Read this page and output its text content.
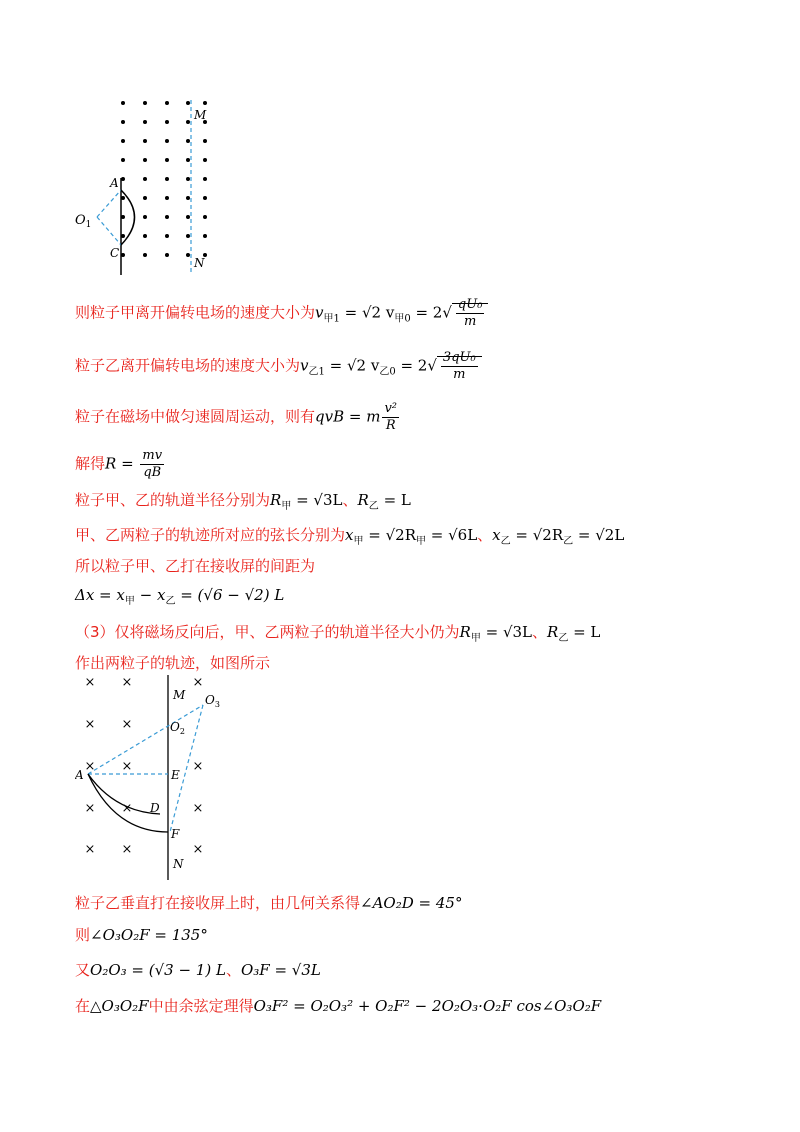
M
N
A
C
$O_1$
则粒子甲离开偏转电场的速度大小为$v_{甲1} = √2$ $v_{甲0} = 2√ \frac{\text{qU₀}}{m}$
粒子乙离开偏转电场的速度大小为$v_{乙1} = √2$ $v_{乙0} = 2√ \frac{\text{3qU₀}}{m}$
粒子在磁场中做匀速圆周运动，则有qvB = m $\frac{\text{v²}}{R}$
解得$R = \frac{mv}{qB}$
粒子甲、乙的轨道半径分别为$R_甲 = √3L$、$R_乙 = L$
甲、乙两粒子的轨迹所对应的弦长分别为$x_甲 = √2R_甲 = √6L$、$x_乙 = √2R_乙 = √2L$
所以粒子甲、乙打在接收屏的间距为
$\Delta x = x_甲 - x_乙 = (√6 - √2)$ L
（3）仅将磁场反向后，甲、乙两粒子的轨道半径大小仍为$R_甲 = √3L$、$R_乙 = L$
作出两粒子的轨迹，如图所示
× ×
× ×
× ×
× ×
× ×
×
×
×
×
M $O_3$
$O_2$
A	E
D
F
N
粒子乙垂直打在接收屏上时，由几何关系得∠AO₂D = 45°
则∠O₃O₂F = 135°
又O₂O₃ = (√3 − 1) L、O₃F = √3L
在△O₃O₂F中由余弦定理得O₃F² = O₂O₃² + O₂F² − 2O₂O₃·O₂F cos∠O₃O₂F
